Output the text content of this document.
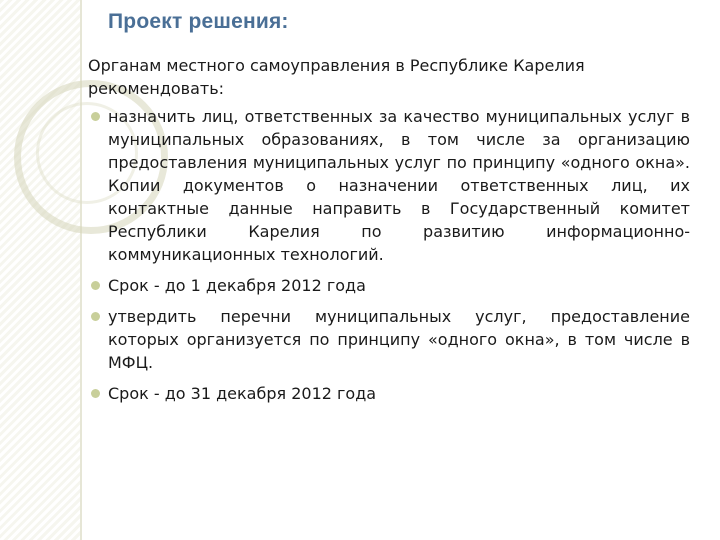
Проект решения:

Органам местного самоуправления в Республике Карелия рекомендовать:

назначить лиц, ответственных за качество муниципальных услуг в муниципальных образованиях, в том числе за организацию предоставления муниципальных услуг по принципу «одного окна». Копии документов о назначении ответственных лиц, их контактные данные направить в Государственный комитет Республики Карелия по развитию информационно-коммуникационных технологий.
Срок - до 1 декабря 2012 года
утвердить перечни муниципальных услуг, предоставление которых организуется по принципу «одного окна», в том числе в МФЦ.
Срок - до 31 декабря 2012 года
